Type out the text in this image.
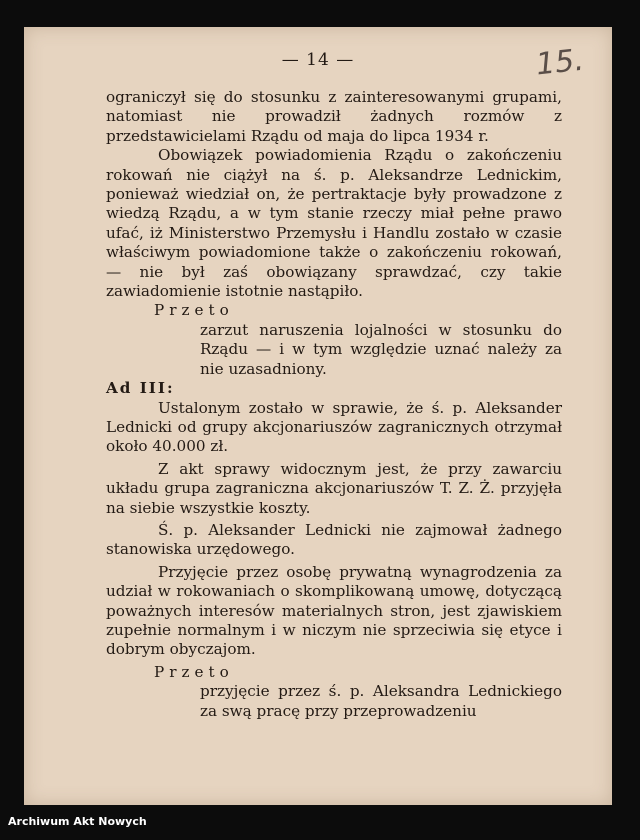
— 14 —	15.

ograniczył się do stosunku z zainteresowanymi grupami, natomiast nie prowadził żadnych rozmów z przedstawicielami Rządu od maja do lipca 1934 r.

Obowiązek powiadomienia Rządu o zakończeniu rokowań nie ciążył na ś. p. Aleksandrze Lednickim, ponieważ wiedział on, że pertraktacje były prowadzone z wiedzą Rządu, a w tym stanie rzeczy miał pełne prawo ufać, iż Ministerstwo Przemysłu i Handlu zostało w czasie właściwym powiadomione także o zakończeniu rokowań, — nie był zaś obowiązany sprawdzać, czy takie zawiadomienie istotnie nastąpiło.

Przeto

zarzut naruszenia lojalności w stosunku do Rządu — i w tym względzie uznać należy za nie uzasadniony.

Ad III:

Ustalonym zostało w sprawie, że ś. p. Aleksander Lednicki od grupy akcjonariuszów zagranicznych otrzymał około 40.000 zł.

Z akt sprawy widocznym jest, że przy zawarciu układu grupa zagraniczna akcjonariuszów T. Z. Ż. przyjęła na siebie wszystkie koszty.

Ś. p. Aleksander Lednicki nie zajmował żadnego stanowiska urzędowego.

Przyjęcie przez osobę prywatną wynagrodzenia za udział w rokowaniach o skomplikowaną umowę, dotyczącą poważnych interesów materialnych stron, jest zjawiskiem zupełnie normalnym i w niczym nie sprzeciwia się etyce i dobrym obyczajom.

Przeto

przyjęcie przez ś. p. Aleksandra Lednickiego za swą pracę przy przeprowadzeniu

Archiwum Akt Nowych
